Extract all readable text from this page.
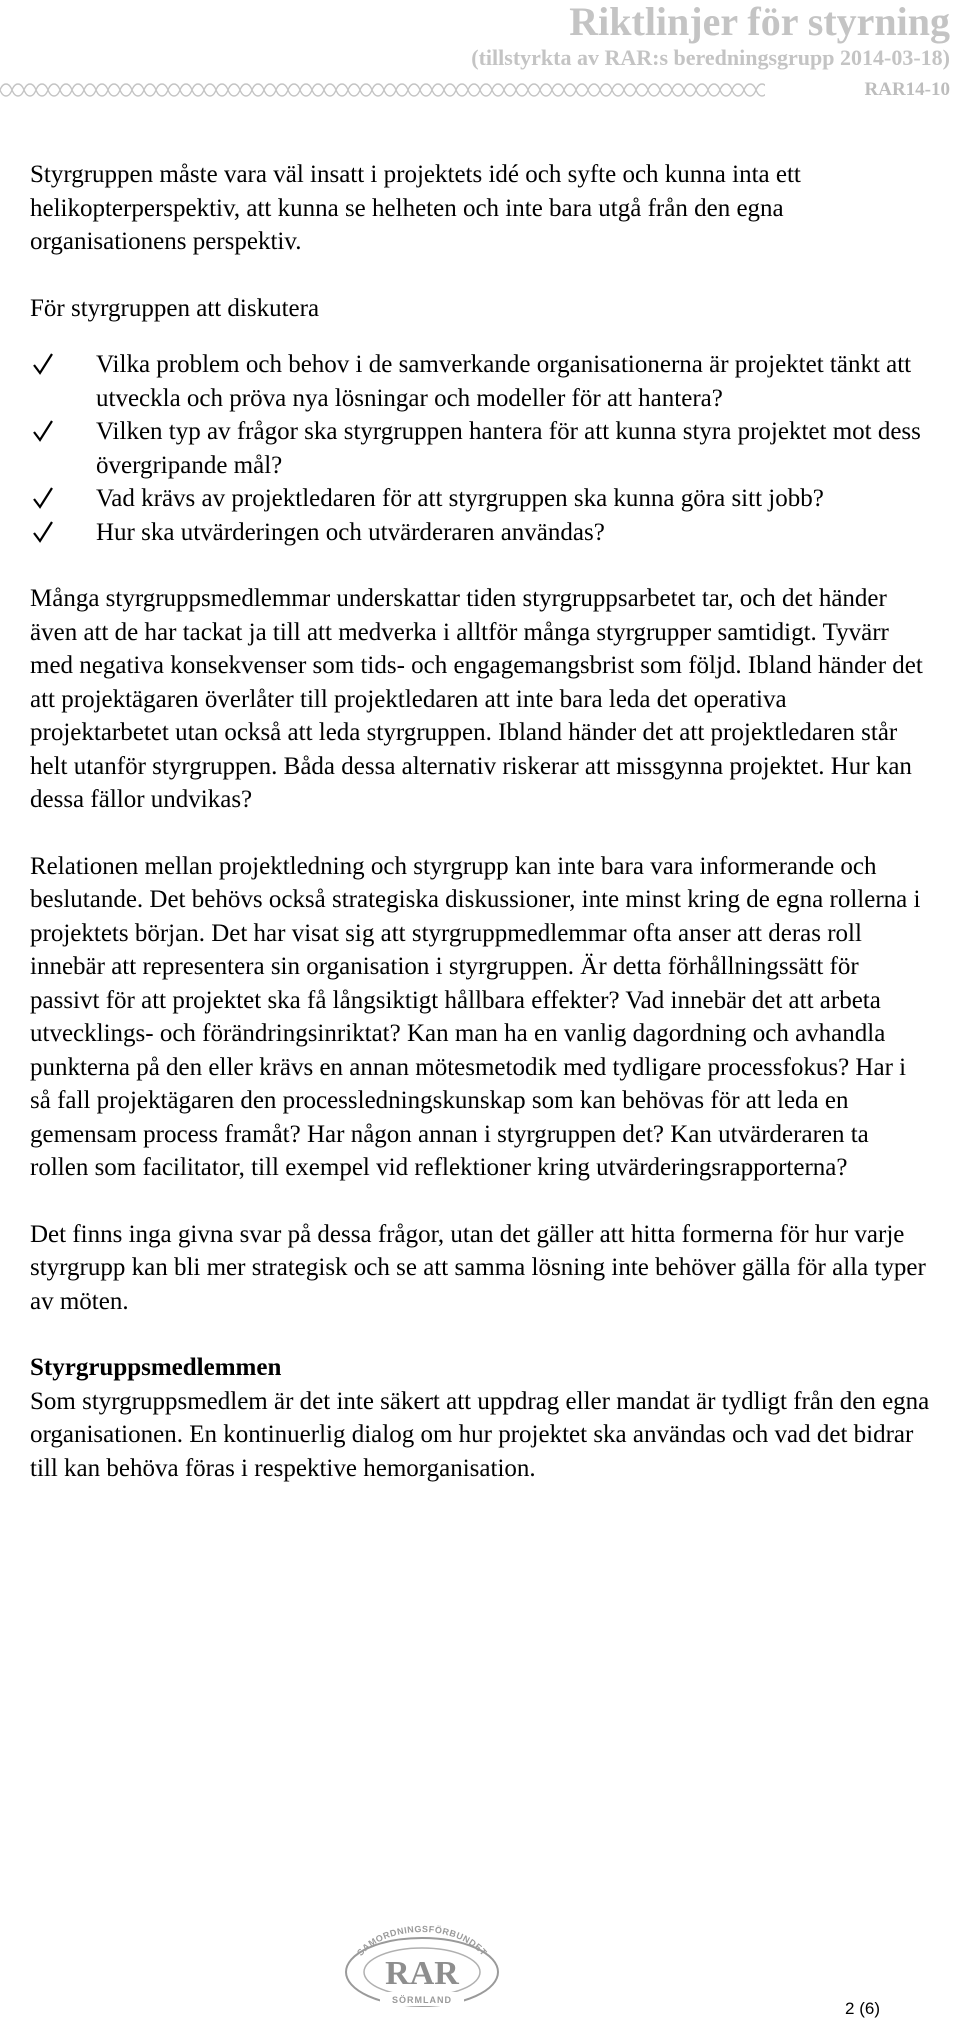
Riktlinjer för styrning
(tillstyrkta av RAR:s beredningsgrupp 2014-03-18)
RAR14-10

Styrgruppen måste vara väl insatt i projektets idé och syfte och kunna inta ett helikopterperspektiv, att kunna se helheten och inte bara utgå från den egna organisationens perspektiv.

För styrgruppen att diskutera

Vilka problem och behov i de samverkande organisationerna är projektet tänkt att utveckla och pröva nya lösningar och modeller för att hantera?
Vilken typ av frågor ska styrgruppen hantera för att kunna styra projektet mot dess övergripande mål?
Vad krävs av projektledaren för att styrgruppen ska kunna göra sitt jobb?
Hur ska utvärderingen och utvärderaren användas?

Många styrgruppsmedlemmar underskattar tiden styrgruppsarbetet tar, och det händer även att de har tackat ja till att medverka i alltför många styrgrupper samtidigt. Tyvärr med negativa konsekvenser som tids- och engagemangsbrist som följd. Ibland händer det att projektägaren överlåter till projektledaren att inte bara leda det operativa projektarbetet utan också att leda styrgruppen. Ibland händer det att projektledaren står helt utanför styrgruppen. Båda dessa alternativ riskerar att missgynna projektet. Hur kan dessa fällor undvikas?

Relationen mellan projektledning och styrgrupp kan inte bara vara informerande och beslutande. Det behövs också strategiska diskussioner, inte minst kring de egna rollerna i projektets början. Det har visat sig att styrgruppmedlemmar ofta anser att deras roll innebär att representera sin organisation i styrgruppen. Är detta förhållningssätt för passivt för att projektet ska få långsiktigt hållbara effekter? Vad innebär det att arbeta utvecklings- och förändringsinriktat? Kan man ha en vanlig dagordning och avhandla punkterna på den eller krävs en annan mötesmetodik med tydligare processfokus? Har i så fall projektägaren den processledningskunskap som kan behövas för att leda en gemensam process framåt? Har någon annan i styrgruppen det? Kan utvärderaren ta rollen som facilitator, till exempel vid reflektioner kring utvärderingsrapporterna?

Det finns inga givna svar på dessa frågor, utan det gäller att hitta formerna för hur varje styrgrupp kan bli mer strategisk och se att samma lösning inte behöver gälla för alla typer av möten.

Styrgruppsmedlemmen

Som styrgruppsmedlem är det inte säkert att uppdrag eller mandat är tydligt från den egna organisationen. En kontinuerlig dialog om hur projektet ska användas och vad det bidrar till kan behöva föras i respektive hemorganisation.

SAMORDNINGSFÖRBUNDET
RAR
SÖRMLAND	2 (6)
